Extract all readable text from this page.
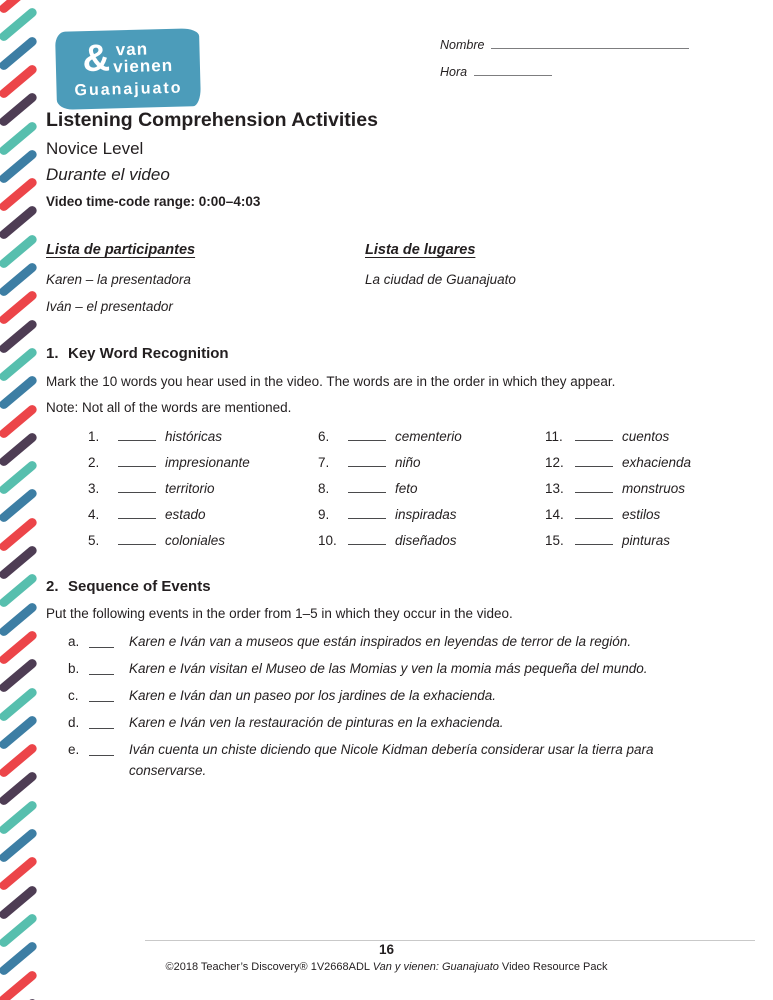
& van
vienen
Guanajuato
Nombre
Hora
Listening Comprehension Activities
Novice Level
Durante el video
Video time-code range: 0:00–4:03
Lista de participantes
Karen – la presentadora
Iván – el presentador
Lista de lugares
La ciudad de Guanajuato
1. Key Word Recognition
Mark the 10 words you hear used in the video. The words are in the order in which they appear.
Note: Not all of the words are mentioned.
1.	históricas
2.	impresionante
3.	territorio
4.	estado
5.	coloniales
6.	cementerio
7.	niño
8.	feto
9.	inspiradas
10.	diseñados
11.	cuentos
12.	exhacienda
13.	monstruos
14.	estilos
15.	pinturas
2. Sequence of Events
Put the following events in the order from 1–5 in which they occur in the video.
a.	Karen e Iván van a museos que están inspirados en leyendas de terror de la región.
b.	Karen e Iván visitan el Museo de las Momias y ven la momia más pequeña del mundo.
c.	Karen e Iván dan un paseo por los jardines de la exhacienda.
d.	Karen e Iván ven la restauración de pinturas en la exhacienda.
e.	Iván cuenta un chiste diciendo que Nicole Kidman debería considerar usar la tierra para conservarse.
16
©2018 Teacher’s Discovery® 1V2668ADL Van y vienen: Guanajuato Video Resource Pack
